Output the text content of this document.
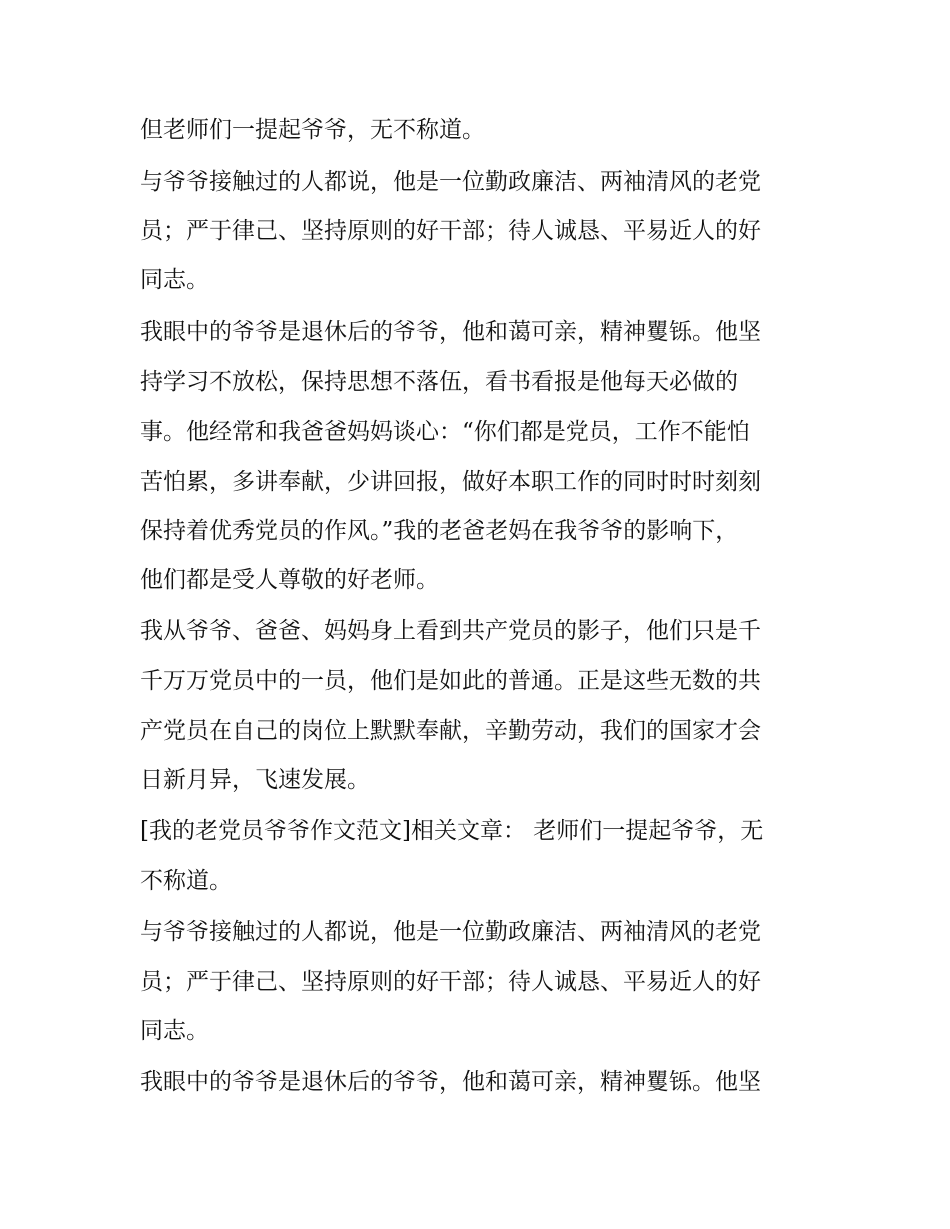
但老师们一提起爷爷，无不称道。

与爷爷接触过的人都说，他是一位勤政廉洁、两袖清风的老党

员；严于律己、坚持原则的好干部；待人诚恳、平易近人的好

同志。

我眼中的爷爷是退休后的爷爷，他和蔼可亲，精神矍铄。他坚

持学习不放松，保持思想不落伍，看书看报是他每天必做的

事。他经常和我爸爸妈妈谈心：“你们都是党员，工作不能怕

苦怕累，多讲奉献，少讲回报，做好本职工作的同时时时刻刻

保持着优秀党员的作风。”我的老爸老妈在我爷爷的影响下，

他们都是受人尊敬的好老师。

我从爷爷、爸爸、妈妈身上看到共产党员的影子，他们只是千

千万万党员中的一员，他们是如此的普通。正是这些无数的共

产党员在自己的岗位上默默奉献，辛勤劳动，我们的国家才会

日新月异，飞速发展。

[我的老党员爷爷作文范文]相关文章： 老师们一提起爷爷，无

不称道。

与爷爷接触过的人都说，他是一位勤政廉洁、两袖清风的老党

员；严于律己、坚持原则的好干部；待人诚恳、平易近人的好

同志。

我眼中的爷爷是退休后的爷爷，他和蔼可亲，精神矍铄。他坚
